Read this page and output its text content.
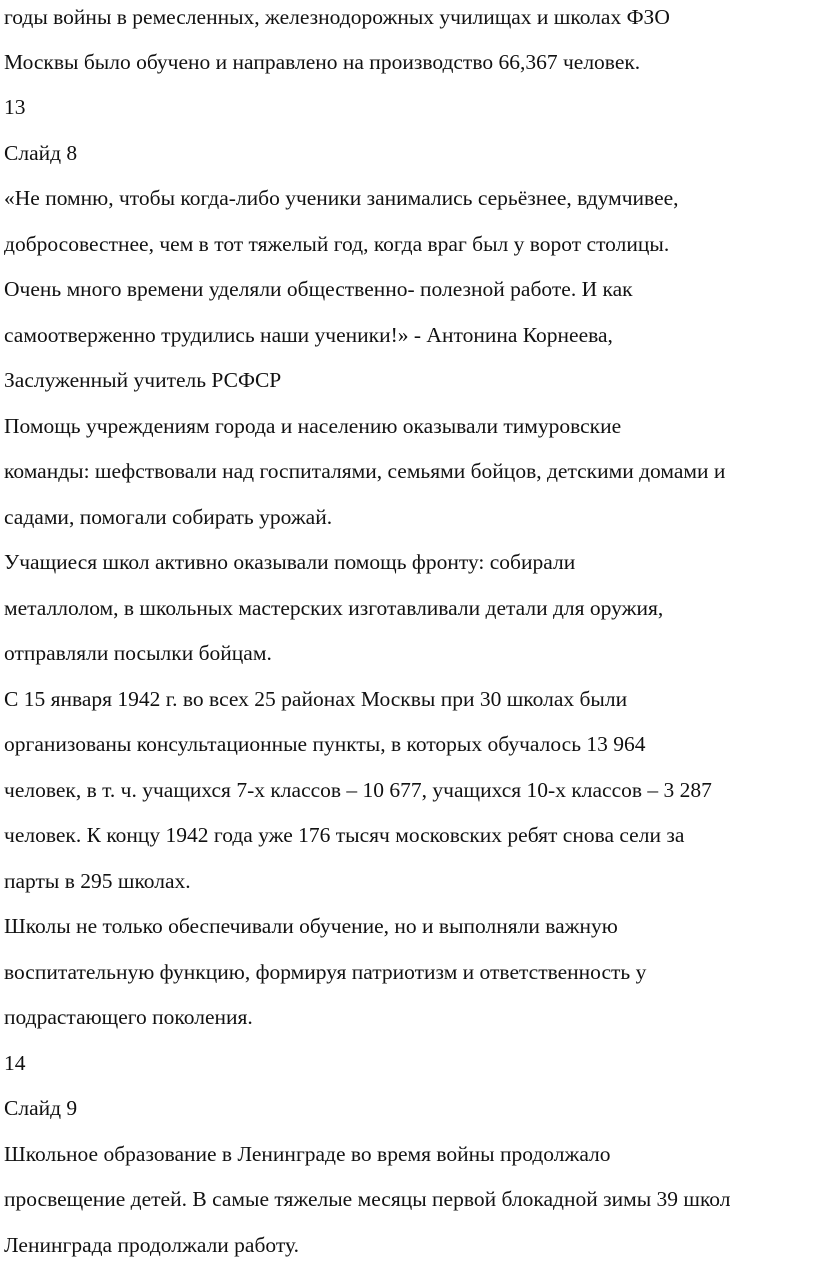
годы войны в ремесленных, железнодорожных училищах и школах ФЗО
Москвы было обучено и направлено на производство 66,367 человек.
13
Слайд 8
«Не помню, чтобы когда-либо ученики занимались серьёзнее, вдумчивее,
добросовестнее, чем в тот тяжелый год, когда враг был у ворот столицы.
Очень много времени уделяли общественно- полезной работе. И как
самоотверженно трудились наши ученики!» - Антонина Корнеева,
Заслуженный учитель РСФСР
Помощь учреждениям города и населению оказывали тимуровские
команды: шефствовали над госпиталями, семьями бойцов, детскими домами и
садами, помогали собирать урожай.
Учащиеся школ активно оказывали помощь фронту: собирали
металлолом, в школьных мастерских изготавливали детали для оружия,
отправляли посылки бойцам.
С 15 января 1942 г. во всех 25 районах Москвы при 30 школах были
организованы консультационные пункты, в которых обучалось 13 964
человек, в т. ч. учащихся 7-х классов – 10 677, учащихся 10-х классов – 3 287
человек. К концу 1942 года уже 176 тысяч московских ребят снова сели за
парты в 295 школах.
Школы не только обеспечивали обучение, но и выполняли важную
воспитательную функцию, формируя патриотизм и ответственность у
подрастающего поколения.
14
Слайд 9
Школьное образование в Ленинграде во время войны продолжало
просвещение детей. В самые тяжелые месяцы первой блокадной зимы 39 школ
Ленинграда продолжали работу.
